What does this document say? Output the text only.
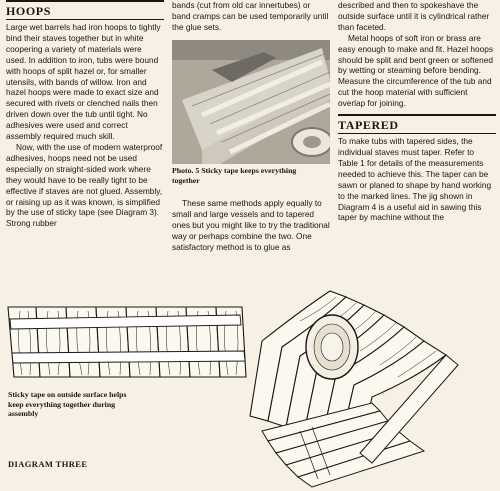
HOOPS

Large wet barrels had iron hoops to tightly bind their staves together but in white coopering a variety of materials were used. In addition to iron, tubs were bound with hoops of split hazel or, for smaller utensils, with bands of willow. Iron and hazel hoops were made to exact size and secured with rivets or clenched nails then driven down over the tub until tight. No adhesives were used and correct assembly required much skill.

Now, with the use of modern waterproof adhesives, hoops need not be used especially on straight-sided work where they would have to be really tight to be effective if staves are not glued. Assembly, or raising up as it was known, is simplified by the use of sticky tape (see Diagram 3). Strong rubber

bands (cut from old car innertubes) or band cramps can be used temporarily until the glue sets.

Photo. 5 Sticky tape keeps everything together

These same methods apply equally to small and large vessels and to tapered ones but you might like to try the traditional way or perhaps combine the two. One satisfactory method is to glue as

described and then to spokeshave the outside surface until it is cylindrical rather than faceted.

Metal hoops of soft iron or brass are easy enough to make and fit. Hazel hoops should be split and bent green or softened by wetting or steaming before bending. Measure the circumference of the tub and cut the hoop material with sufficient overlap for joining.

TAPERED

To make tubs with tapered sides, the individual staves must taper. Refer to Table 1 for details of the measurements needed to achieve this. The taper can be sawn or planed to shape by hand working to the marked lines. The jig shown in Diagram 4 is a useful aid in sawing this taper by machine without the

Sticky tape on outside surface helps keep everything together during assembly
DIAGRAM THREE
